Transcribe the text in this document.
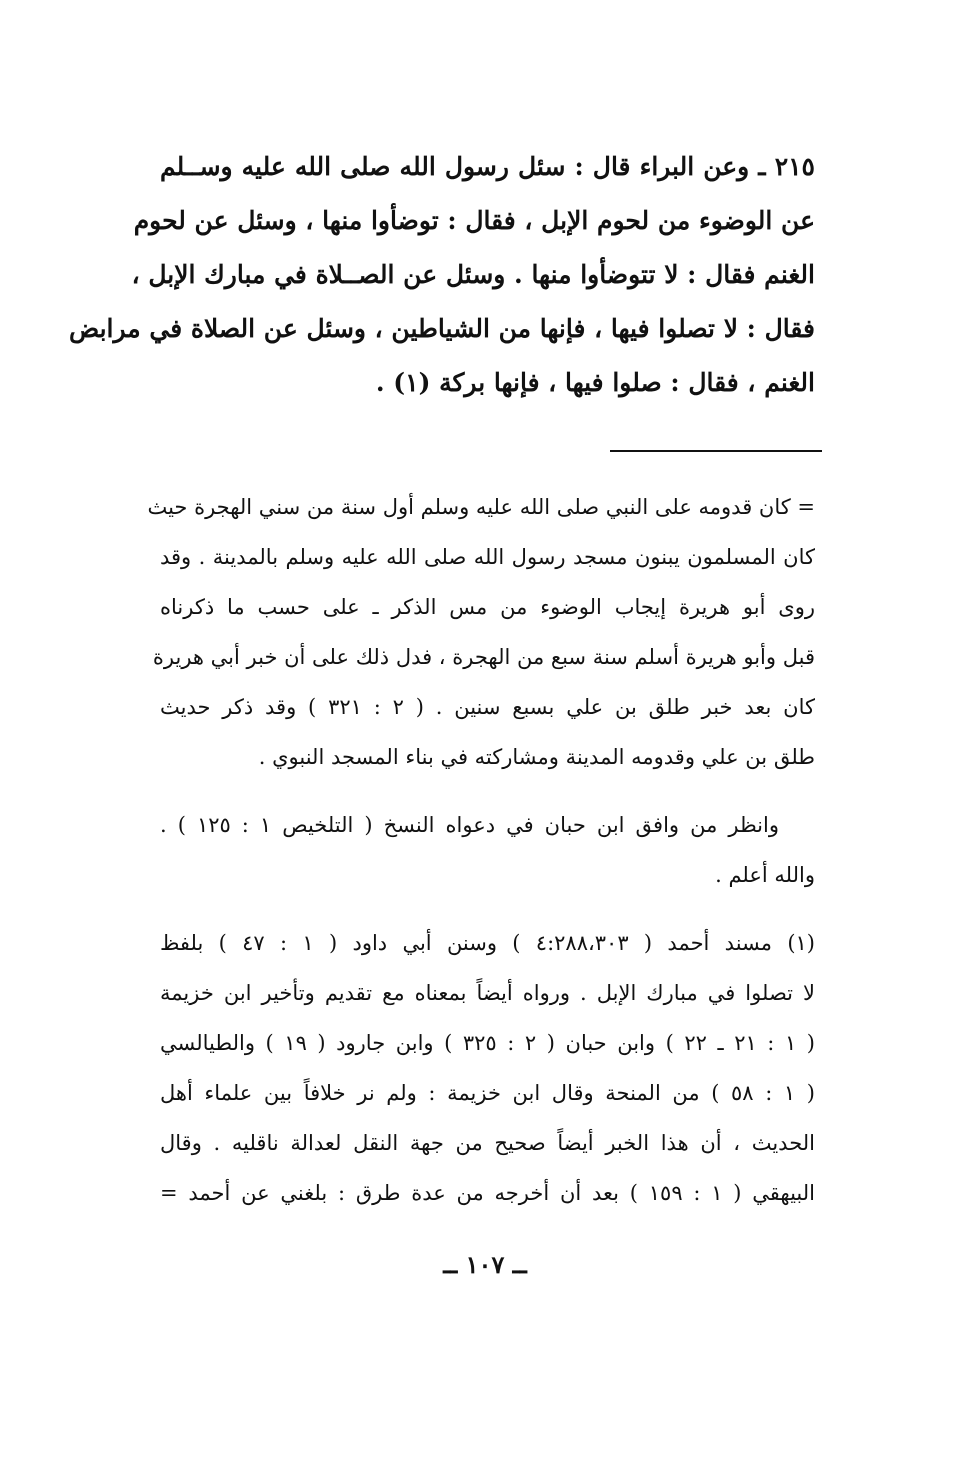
٢١٥ ـ وعن البراء قال : سئل رسول الله صلى الله عليه وســلم
عن الوضوء من لحوم الإبل ، فقال : توضأوا منها ، وسئل عن لحوم
الغنم فقال : لا تتوضأوا منها . وسئل عن الصــلاة في مبارك الإبل ،
فقال : لا تصلوا فيها ، فإنها من الشياطين ، وسئل عن الصلاة في مرابض
الغنم ، فقال : صلوا فيها ، فإنها بركة (١) .
= كان قدومه على النبي صلى الله عليه وسلم أول سنة من سني الهجرة حيث
كان المسلمون يبنون مسجد رسول الله صلى الله عليه وسلم بالمدينة . وقد
روى أبو هريرة إيجاب الوضوء من مس الذكر ـ على حسب ما ذكرناه
قبل وأبو هريرة أسلم سنة سبع من الهجرة ، فدل ذلك على أن خبر أبي هريرة
كان بعد خبر طلق بن علي بسبع سنين . ( ٢ : ٣٢١ ) وقد ذكر حديث
طلق بن علي وقدومه المدينة ومشاركته في بناء المسجد النبوي .
وانظر من وافق ابن حبان في دعواه النسخ ( التلخيص ١ : ١٢٥ ) .
والله أعلم .
(١) مسند أحمد ( ٤:٢٨٨،٣٠٣ ) وسنن أبي داود ( ١ : ٤٧ ) بلفظ
لا تصلوا في مبارك الإبل . ورواه أيضاً بمعناه مع تقديم وتأخير ابن خزيمة
( ١ : ٢١ ـ ٢٢ ) وابن حبان ( ٢ : ٣٢٥ ) وابن جارود ( ١٩ ) والطيالسي
( ١ : ٥٨ ) من المنحة وقال ابن خزيمة : ولم نر خلافاً بين علماء أهل
الحديث ، أن هذا الخبر أيضاً صحيح من جهة النقل لعدالة ناقليه . وقال
البيهقي ( ١ : ١٥٩ ) بعد أن أخرجه من عدة طرق : بلغني عن أحمد =
ــ ١٠٧ ــ
